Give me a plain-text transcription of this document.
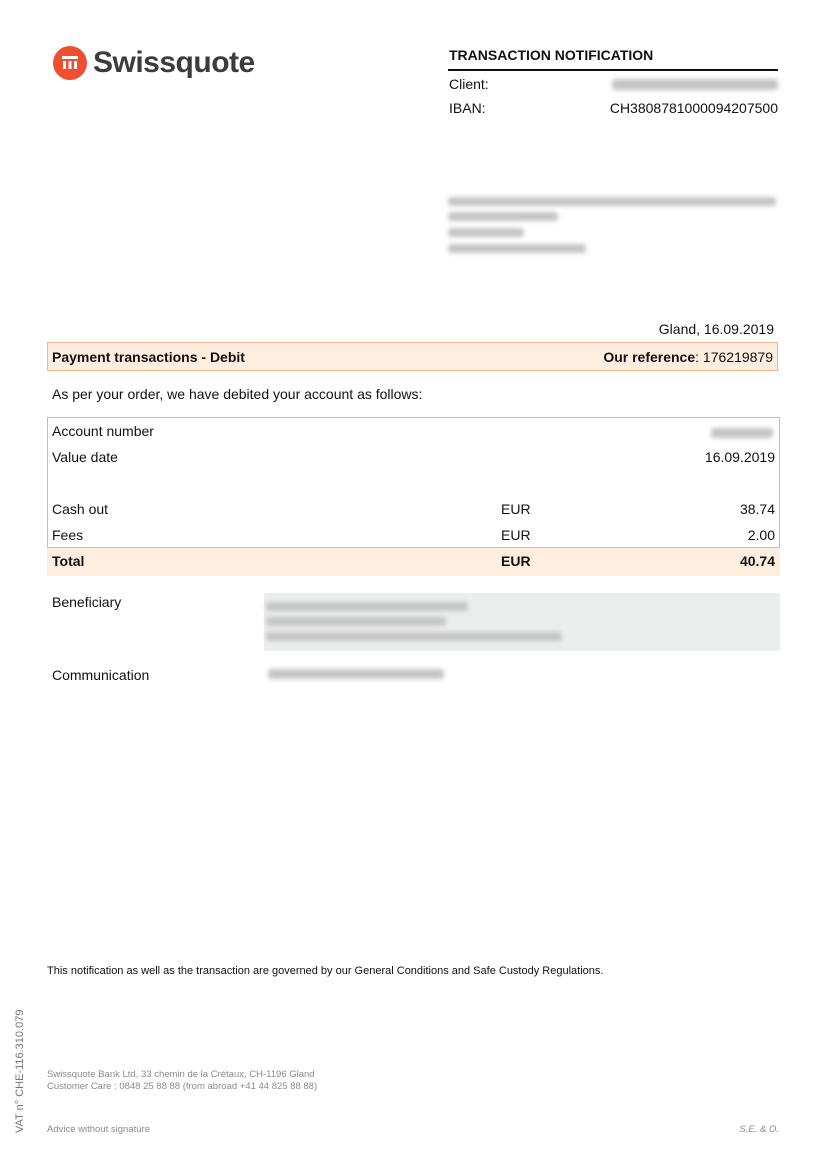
Swissquote	TRANSACTION NOTIFICATION
Client:
IBAN:	CH3808781000094207500
Gland, 16.09.2019
Payment transactions - Debit	Our reference: 176219879
As per your order, we have debited your account as follows:
Account number
Value date	16.09.2019
Cash out	EUR	38.74
Fees	EUR	2.00
Total	EUR	40.74
Beneficiary
Communication
This notification as well as the transaction are governed by our General Conditions and Safe Custody Regulations.
VAT n° CHE-116.310.079 Swissquote Bank Ltd, 33 chemin de la Crétaux, CH-1196 Gland
Customer Care : 0848 25 88 88 (from abroad +41 44 825 88 88)
Advice without signature	S.E. & O.
